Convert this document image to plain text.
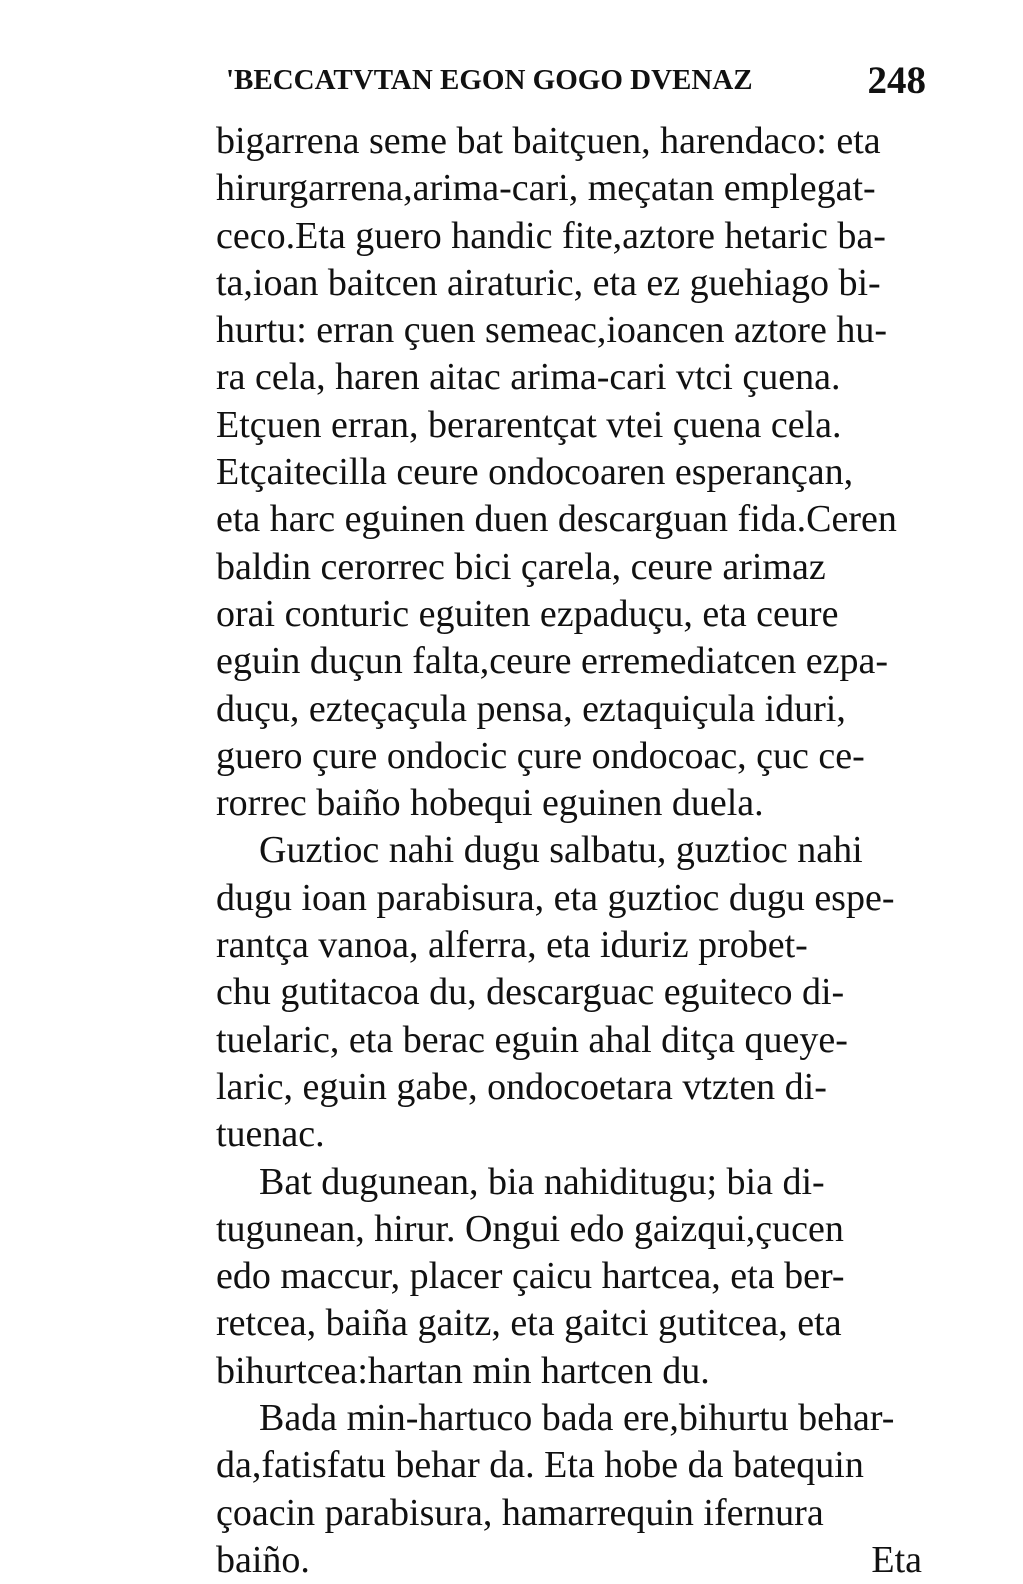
'BECCATVTAN EGON GOGO DVENAZ	248
bigarrena seme bat baitçuen, harendaco: eta
hirurgarrena,arima-cari, meçatan emplegat-
ceco.Eta guero handic fite,aztore hetaric ba-
ta,ioan baitcen airaturic, eta ez guehiago bi-
hurtu: erran çuen semeac,ioancen aztore hu-
ra cela, haren aitac arima-cari vtci çuena.
Etçuen erran, berarentçat vtei çuena cela.
Etçaitecilla ceure ondocoaren esperançan,
eta harc eguinen duen descarguan fida.Ceren
baldin cerorrec bici çarela, ceure arimaz
orai conturic eguiten ezpaduçu, eta ceure
eguin duçun falta,ceure erremediatcen ezpa-
duçu, ezteçaçula pensa, eztaquiçula iduri,
guero çure ondocic çure ondocoac, çuc ce-
rorrec baiño hobequi eguinen duela.
Guztioc nahi dugu salbatu, guztioc nahi
dugu ioan parabisura, eta guztioc dugu espe-
rantça vanoa, alferra, eta iduriz probet-
chu gutitacoa du, descarguac eguiteco di-
tuelaric, eta berac eguin ahal ditça queye-
laric, eguin gabe, ondocoetara vtzten di-
tuenac.
Bat dugunean, bia nahiditugu; bia di-
tugunean, hirur. Ongui edo gaizqui,çucen
edo maccur, placer çaicu hartcea, eta ber-
retcea, baiña gaitz, eta gaitci gutitcea, eta
bihurtcea:hartan min hartcen du.
Bada min-hartuco bada ere,bihurtu behar-
da,fatisfatu behar da. Eta hobe da batequin
çoacin parabisura, hamarrequin ifernura
baiño.	Eta
